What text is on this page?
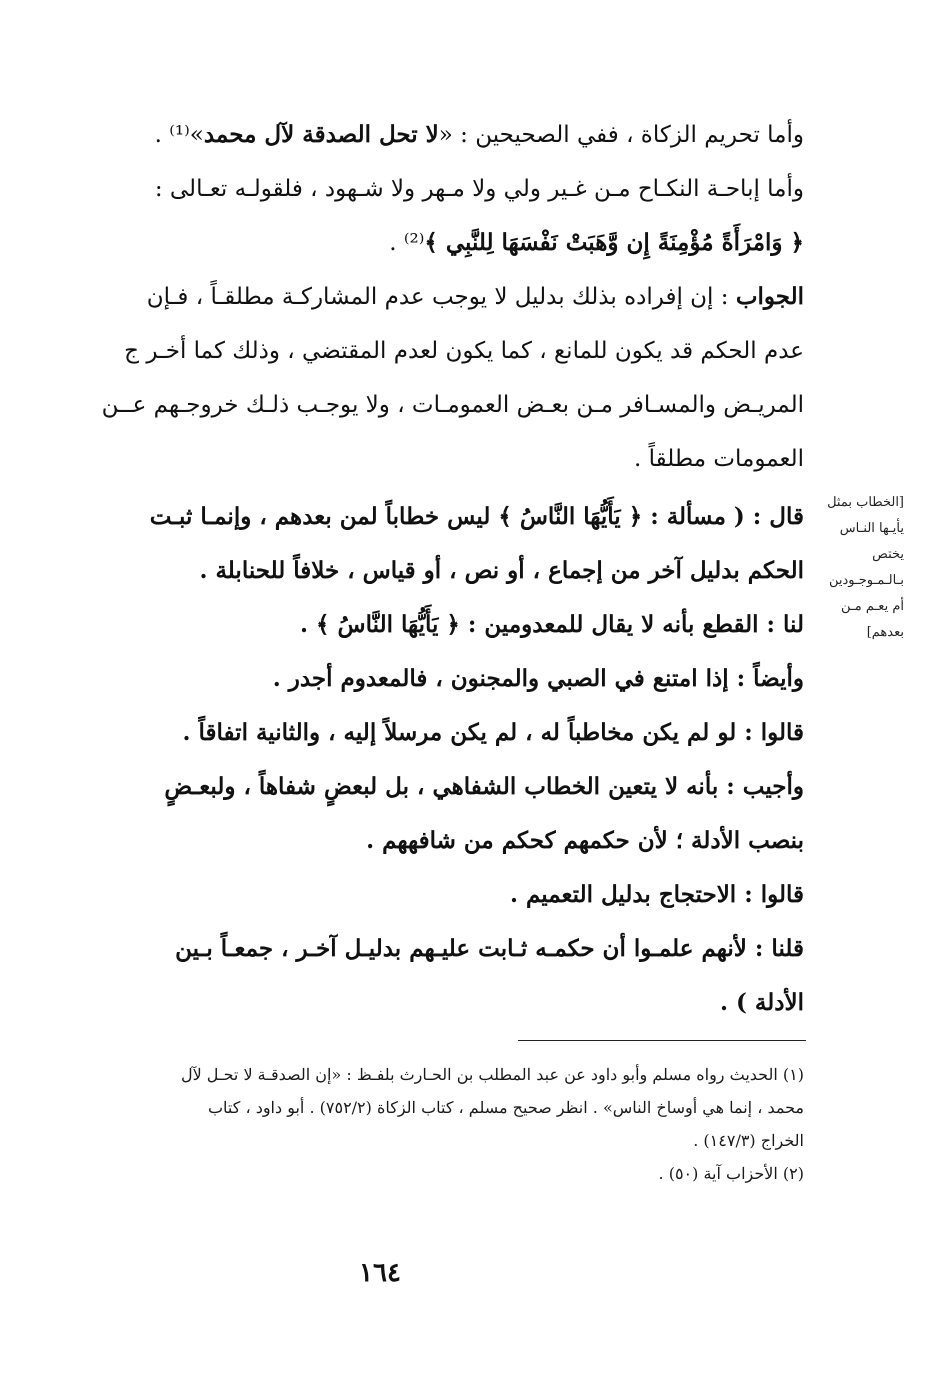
وأما تحريم الزكاة ، ففي الصحيحين : «لا تحل الصدقة لآل محمد»⁽¹⁾ .
وأما إباحـة النكـاح مـن غـير ولي ولا مـهر ولا شـهود ، فلقولـه تعـالى :
﴿ وَامْرَأَةً مُؤْمِنَةً إِن وَّهَبَتْ نَفْسَهَا لِلنَّبِي ﴾⁽²⁾ .
الجواب : إن إفراده بذلك بدليل لا يوجب عدم المشاركـة مطلقـاً ، فـإن
عدم الحكم قد يكون للمانع ، كما يكون لعدم المقتضي ، وذلك كما أخـر ج
المريـض والمسـافر مـن بعـض العمومـات ، ولا يوجـب ذلـك خروجـهم عــن
العمومات مطلقاً .
قال : ( مسألة : ﴿ يَأَيُّهَا النَّاسُ ﴾ ليس خطاباً لمن بعدهم ، وإنمـا ثبـت
الحكم بدليل آخر من إجماع ، أو نص ، أو قياس ، خلافاً للحنابلة .
لنا : القطع بأنه لا يقال للمعدومين : ﴿ يَأَيُّهَا النَّاسُ ﴾ .
وأيضاً : إذا امتنع في الصبي والمجنون ، فالمعدوم أجدر .
قالوا : لو لم يكن مخاطباً له ، لم يكن مرسلاً إليه ، والثانية اتفاقاً .
وأجيب : بأنه لا يتعين الخطاب الشفاهي ، بل لبعضٍ شفاهاً ، ولبعـضٍ
بنصب الأدلة ؛ لأن حكمهم كحكم من شافههم .
قالوا : الاحتجاج بدليل التعميم .
قلنا : لأنهم علمـوا أن حكمـه ثـابت عليـهم بدليـل آخـر ، جمعـاً بـين
الأدلة ) .
[الخطاب بمثل
يأيـها النـاس
يختص
بـالـمـوجـودين
أم يعـم مـن
بعدهم]
(١) الحديث رواه مسلم وأبو داود عن عبد المطلب بن الحـارث بلفـظ : «إن الصدقـة لا تحـل لآل
محمد ، إنما هي أوساخ الناس» . انظر صحيح مسلم ، كتاب الزكاة (٧٥٢/٢) . أبو داود ، كتاب
الخراج (١٤٧/٣) .
(٢) الأحزاب آية (٥٠) .
١٦٤
